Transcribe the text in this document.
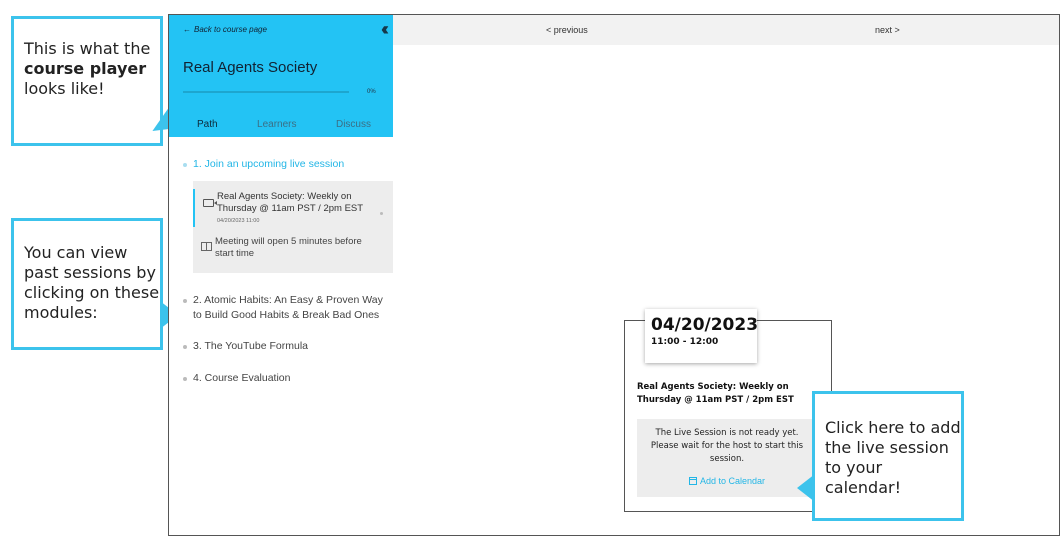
This is what the course player looks like!
You can view past sessions by clicking on these modules:
← Back to course page	‹‹
Real Agents Society
0%
Path	Learners	Discuss
1. Join an upcoming live session
Real Agents Society: Weekly on Thursday @ 11am PST / 2pm EST
04/20/2023 11:00
Meeting will open 5 minutes before start time
2. Atomic Habits: An Easy & Proven Way to Build Good Habits & Break Bad Ones
3. The YouTube Formula
4. Course Evaluation
< previous	next >
04/20/2023
11:00 - 12:00
Real Agents Society: Weekly on Thursday @ 11am PST / 2pm EST
The Live Session is not ready yet. Please wait for the host to start this session.
Add to Calendar
Click here to add the live session to your calendar!
